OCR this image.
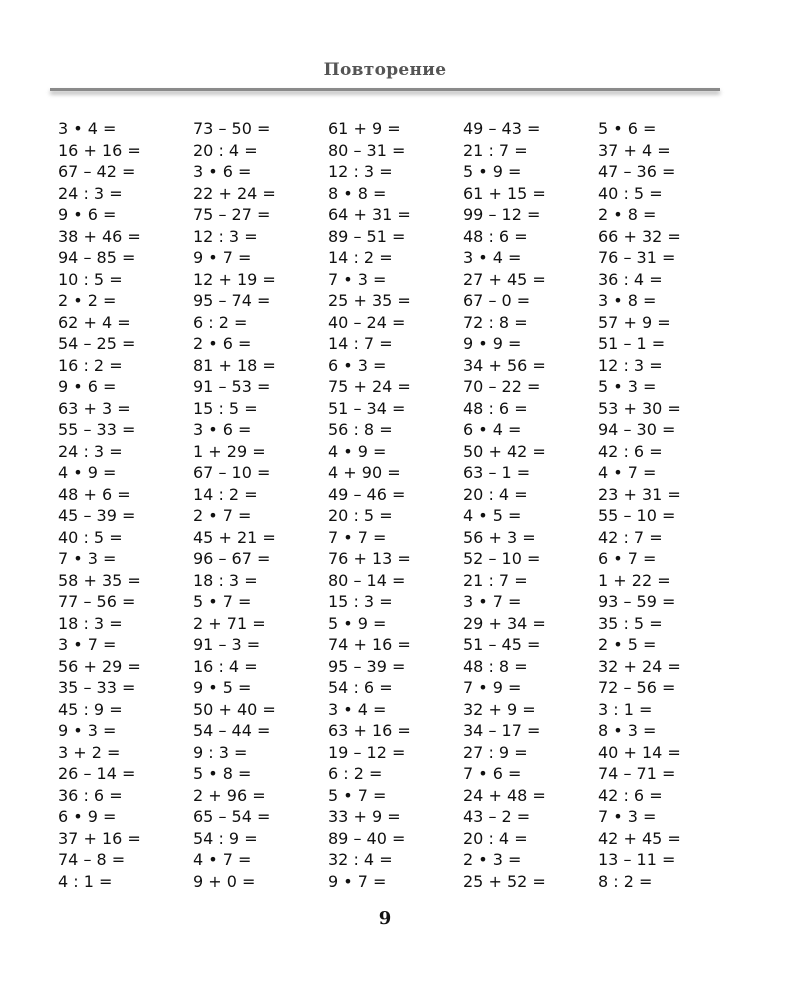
Повторение
3 • 4 =
16 + 16 =
67 – 42 =
24 : 3 =
9 • 6 =
38 + 46 =
94 – 85 =
10 : 5 =
2 • 2 =
62 + 4 =
54 – 25 =
16 : 2 =
9 • 6 =
63 + 3 =
55 – 33 =
24 : 3 =
4 • 9 =
48 + 6 =
45 – 39 =
40 : 5 =
7 • 3 =
58 + 35 =
77 – 56 =
18 : 3 =
3 • 7 =
56 + 29 =
35 – 33 =
45 : 9 =
9 • 3 =
3 + 2 =
26 – 14 =
36 : 6 =
6 • 9 =
37 + 16 =
74 – 8 =
4 : 1 =
73 – 50 =
20 : 4 =
3 • 6 =
22 + 24 =
75 – 27 =
12 : 3 =
9 • 7 =
12 + 19 =
95 – 74 =
6 : 2 =
2 • 6 =
81 + 18 =
91 – 53 =
15 : 5 =
3 • 6 =
1 + 29 =
67 – 10 =
14 : 2 =
2 • 7 =
45 + 21 =
96 – 67 =
18 : 3 =
5 • 7 =
2 + 71 =
91 – 3 =
16 : 4 =
9 • 5 =
50 + 40 =
54 – 44 =
9 : 3 =
5 • 8 =
2 + 96 =
65 – 54 =
54 : 9 =
4 • 7 =
9 + 0 =
61 + 9 =
80 – 31 =
12 : 3 =
8 • 8 =
64 + 31 =
89 – 51 =
14 : 2 =
7 • 3 =
25 + 35 =
40 – 24 =
14 : 7 =
6 • 3 =
75 + 24 =
51 – 34 =
56 : 8 =
4 • 9 =
4 + 90 =
49 – 46 =
20 : 5 =
7 • 7 =
76 + 13 =
80 – 14 =
15 : 3 =
5 • 9 =
74 + 16 =
95 – 39 =
54 : 6 =
3 • 4 =
63 + 16 =
19 – 12 =
6 : 2 =
5 • 7 =
33 + 9 =
89 – 40 =
32 : 4 =
9 • 7 =
49 – 43 =
21 : 7 =
5 • 9 =
61 + 15 =
99 – 12 =
48 : 6 =
3 • 4 =
27 + 45 =
67 – 0 =
72 : 8 =
9 • 9 =
34 + 56 =
70 – 22 =
48 : 6 =
6 • 4 =
50 + 42 =
63 – 1 =
20 : 4 =
4 • 5 =
56 + 3 =
52 – 10 =
21 : 7 =
3 • 7 =
29 + 34 =
51 – 45 =
48 : 8 =
7 • 9 =
32 + 9 =
34 – 17 =
27 : 9 =
7 • 6 =
24 + 48 =
43 – 2 =
20 : 4 =
2 • 3 =
25 + 52 =
5 • 6 =
37 + 4 =
47 – 36 =
40 : 5 =
2 • 8 =
66 + 32 =
76 – 31 =
36 : 4 =
3 • 8 =
57 + 9 =
51 – 1 =
12 : 3 =
5 • 3 =
53 + 30 =
94 – 30 =
42 : 6 =
4 • 7 =
23 + 31 =
55 – 10 =
42 : 7 =
6 • 7 =
1 + 22 =
93 – 59 =
35 : 5 =
2 • 5 =
32 + 24 =
72 – 56 =
3 : 1 =
8 • 3 =
40 + 14 =
74 – 71 =
42 : 6 =
7 • 3 =
42 + 45 =
13 – 11 =
8 : 2 =
9
